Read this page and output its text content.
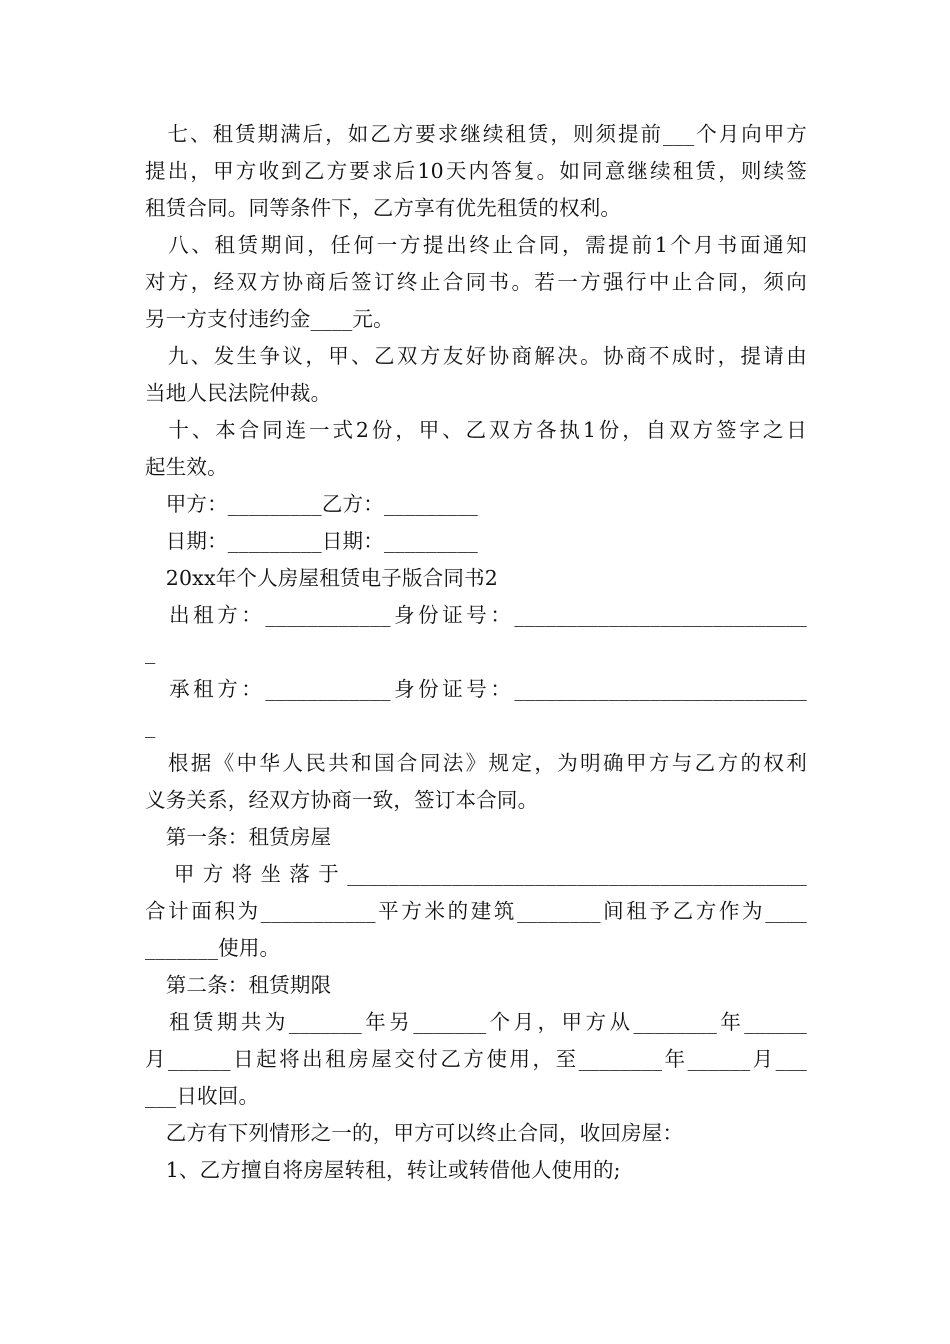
　七、租赁期满后，如乙方要求继续租赁，则须提前___个月向甲方
提出，甲方收到乙方要求后10天内答复。如同意继续租赁，则续签
租赁合同。同等条件下，乙方享有优先租赁的权利。
　八、租赁期间，任何一方提出终止合同，需提前1个月书面通知
对方，经双方协商后签订终止合同书。若一方强行中止合同，须向
另一方支付违约金____元。
　九、发生争议，甲、乙双方友好协商解决。协商不成时，提请由
当地人民法院仲裁。
　十、本合同连一式2份，甲、乙双方各执1份，自双方签字之日
起生效。
　甲方：_________乙方：_________
　日期：_________日期：_________
　20xx年个人房屋租赁电子版合同书2
　出租方：____________身份证号：____________________________
_
　承租方：____________身份证号：____________________________
_
　根据《中华人民共和国合同法》规定，为明确甲方与乙方的权利
义务关系，经双方协商一致，签订本合同。
　第一条：租赁房屋
　甲方将坐落于____________________________________________
合计面积为___________平方米的建筑________间租予乙方作为____
_______使用。
　第二条：租赁期限
　租赁期共为_______年另_______个月，甲方从________年______
月______日起将出租房屋交付乙方使用，至________年______月___
___日收回。
　乙方有下列情形之一的，甲方可以终止合同，收回房屋：
　1、乙方擅自将房屋转租，转让或转借他人使用的;
